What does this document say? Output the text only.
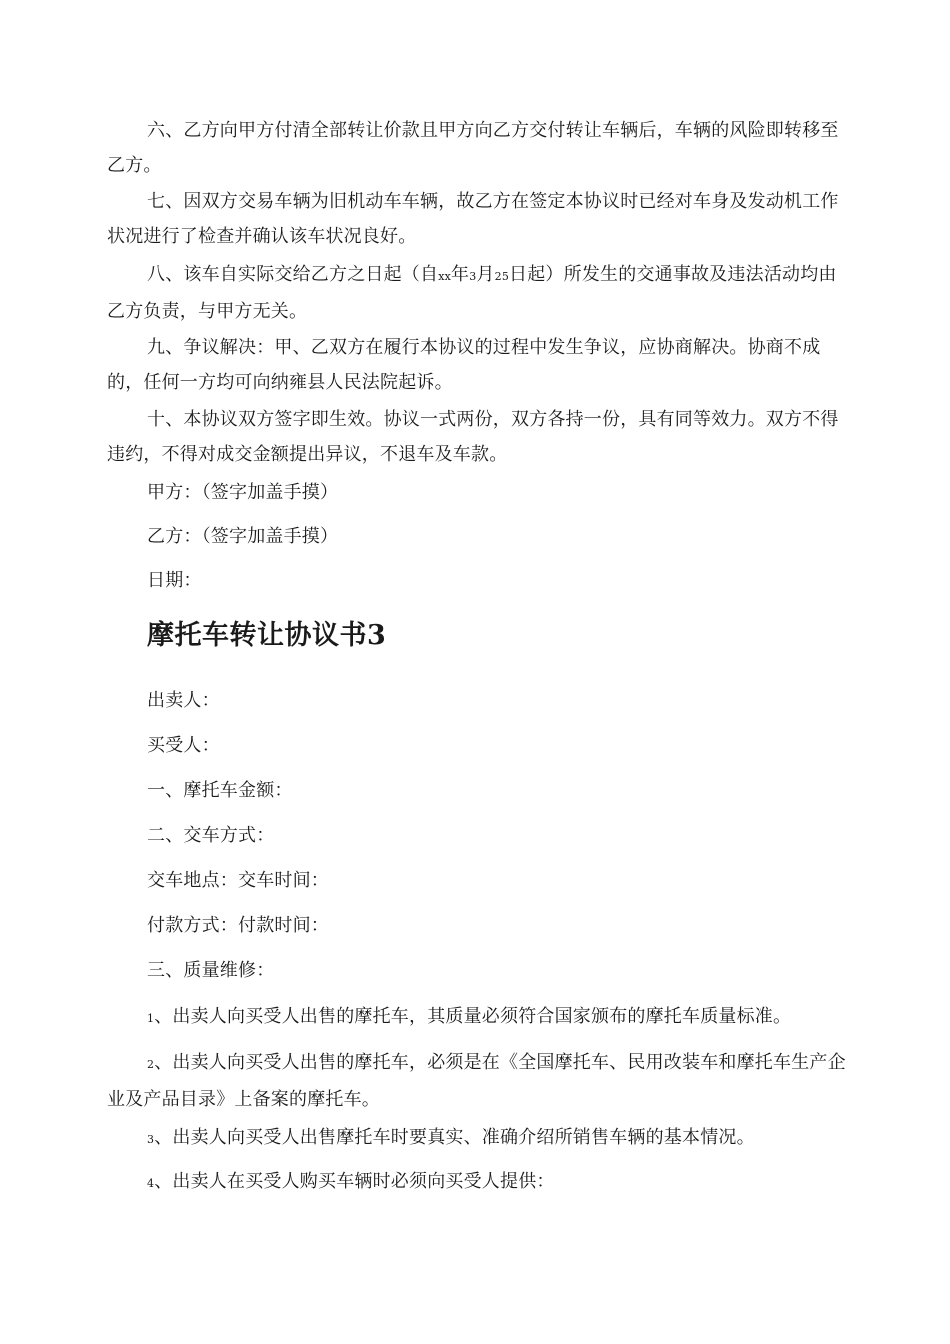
六、乙方向甲方付清全部转让价款且甲方向乙方交付转让车辆后，车辆的风险即转移至乙方。

七、因双方交易车辆为旧机动车车辆，故乙方在签定本协议时已经对车身及发动机工作状况进行了检查并确认该车状况良好。

八、该车自实际交给乙方之日起（自xx年3月25日起）所发生的交通事故及违法活动均由乙方负责，与甲方无关。

九、争议解决：甲、乙双方在履行本协议的过程中发生争议，应协商解决。协商不成的，任何一方均可向纳雍县人民法院起诉。

十、本协议双方签字即生效。协议一式两份，双方各持一份，具有同等效力。双方不得违约，不得对成交金额提出异议，不退车及车款。

甲方：（签字加盖手摸）

乙方：（签字加盖手摸）

日期：

摩托车转让协议书3

出卖人：

买受人：

一、摩托车金额：

二、交车方式：

交车地点：交车时间：

付款方式：付款时间：

三、质量维修：

1、出卖人向买受人出售的摩托车，其质量必须符合国家颁布的摩托车质量标准。

2、出卖人向买受人出售的摩托车，必须是在《全国摩托车、民用改装车和摩托车生产企业及产品目录》上备案的摩托车。

3、出卖人向买受人出售摩托车时要真实、准确介绍所销售车辆的基本情况。

4、出卖人在买受人购买车辆时必须向买受人提供：
